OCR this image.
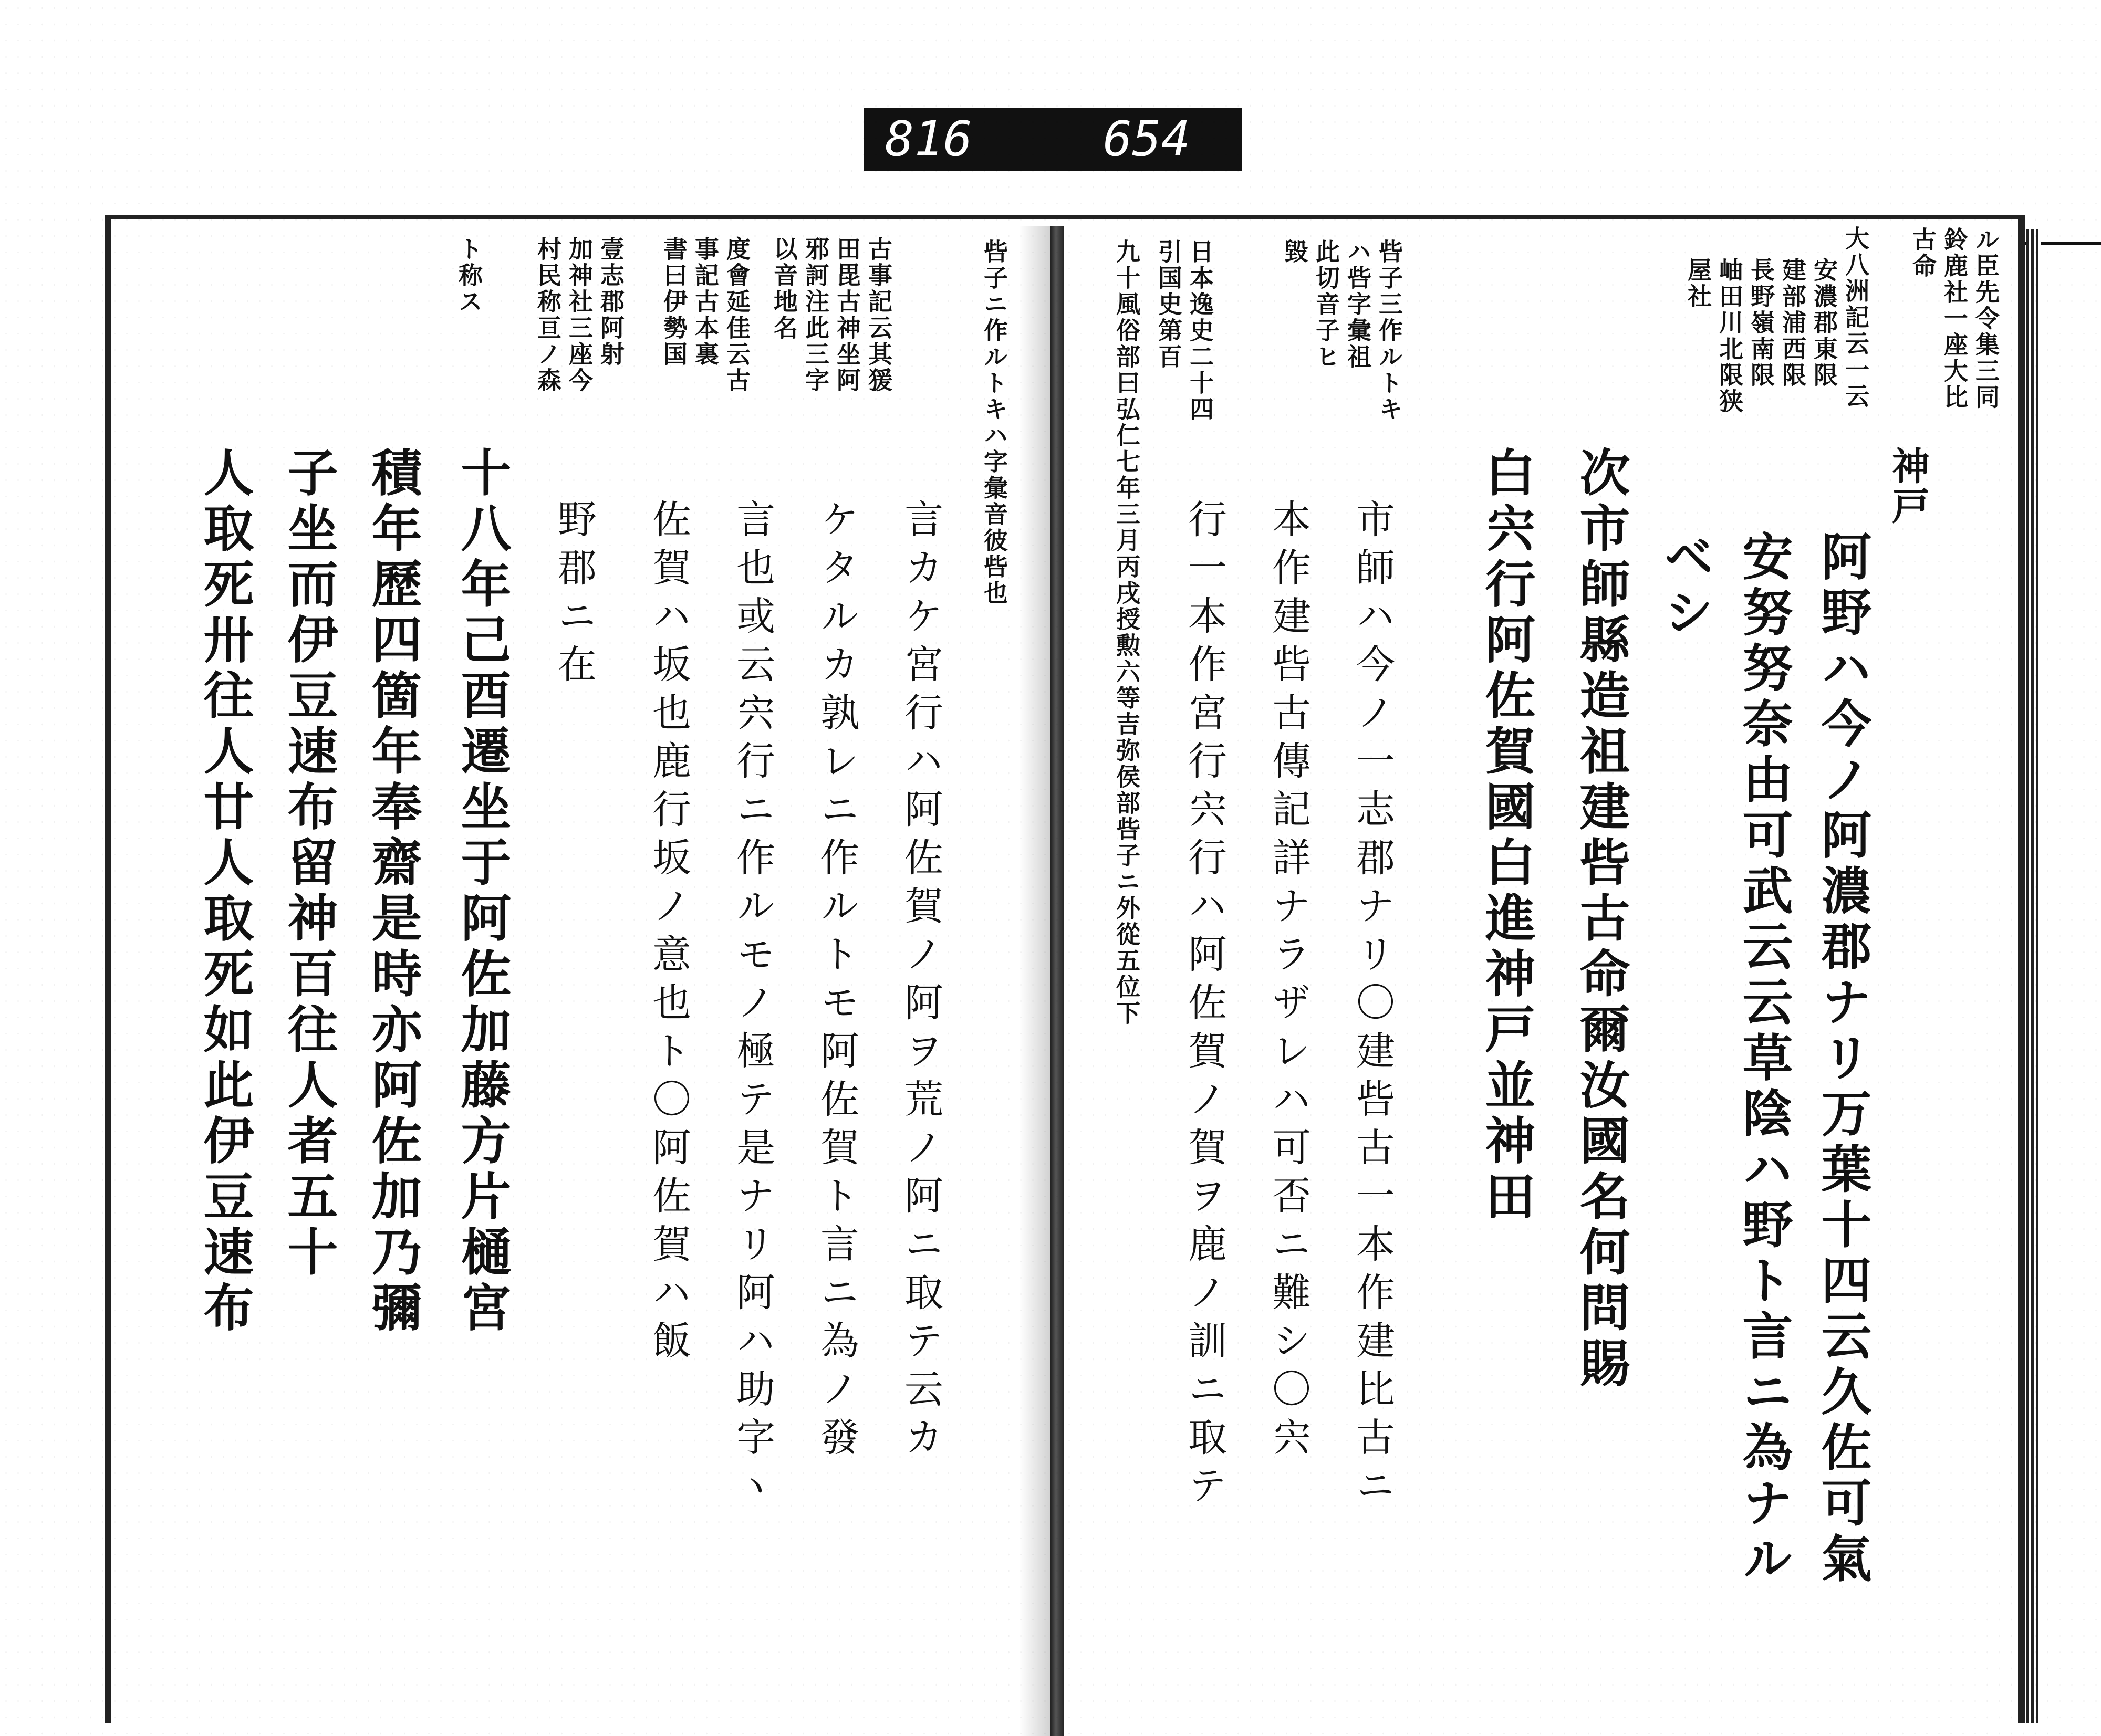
816	654
ル臣先令集三同
鈴鹿社一座大比
古命
大八洲記云一云
安濃郡東限
建部浦西限
長野嶺南限
岫田川北限狭
屋社
神戸
阿野ハ今ノ阿濃郡ナリ万葉十四云久佐可氣
安努努奈由可武云云草陰ハ野ト言ニ為ナル
ベシ
次市師縣造祖建呰古命爾汝國名何問賜
白宍行阿佐賀國白進神戸並神田
市師ハ今ノ一志郡ナリ〇建呰古一本作建比古ニ
本作建呰古傳記詳ナラザレハ可否ニ難シ〇宍
行一本作宮行宍行ハ阿佐賀ノ賀ヲ鹿ノ訓ニ取テ
呰子三作ルトキ
ハ呰字彙祖
此切音子ヒ
毀
日本逸史二十四
引国史第百
九十風俗部曰弘仁七年三月丙戌授勲六等吉弥侯部呰子ニ外從五位下
呰子ニ作ルトキハ字彙音彼呰也
古事記云其猨
田毘古神坐阿
邪訶注此三字
以音地名
度會延佳云古
事記古本裏
書曰伊勢国
壹志郡阿射
加神社三座今
村民称亘ノ森
ト称ス
言カケ宮行ハ阿佐賀ノ阿ヲ荒ノ阿ニ取テ云カ
ケタルカ孰レニ作ルトモ阿佐賀ト言ニ為ノ發
言也或云宍行ニ作ルモノ極テ是ナリ阿ハ助字ヽ
佐賀ハ坂也鹿行坂ノ意也ト〇阿佐賀ハ飯
野郡ニ在
十八年己酉遷坐于阿佐加藤方片樋宮
積年歷四箇年奉齋是時亦阿佐加乃彌
子坐而伊豆速布留神百往人者五十
人取死卅往人廿人取死如此伊豆速布
